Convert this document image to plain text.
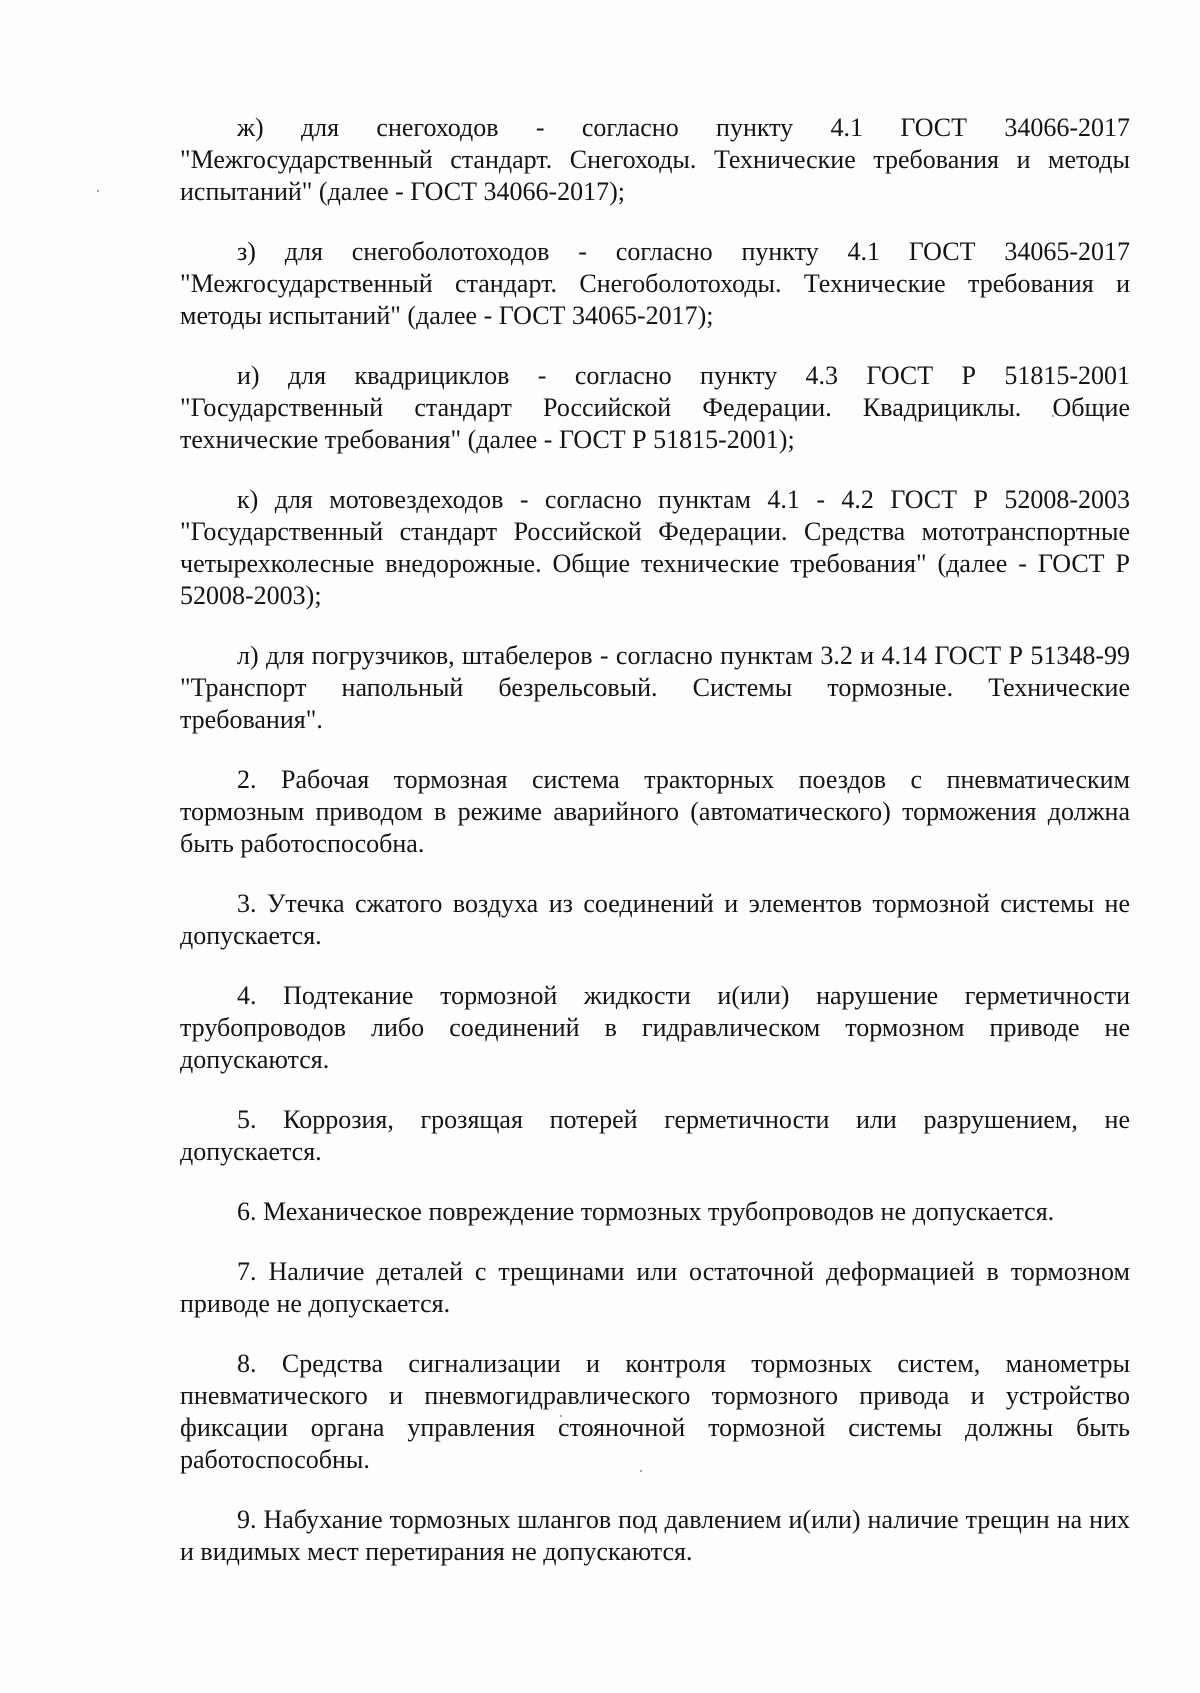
ж) для снегоходов - согласно пункту 4.1 ГОСТ 34066-2017 "Межгосударственный стандарт. Снегоходы. Технические требования и методы испытаний" (далее - ГОСТ 34066-2017);

з) для снегоболотоходов - согласно пункту 4.1 ГОСТ 34065-2017 "Межгосударственный стандарт. Снегоболотоходы. Технические требования и методы испытаний" (далее - ГОСТ 34065-2017);

и) для квадрициклов - согласно пункту 4.3 ГОСТ Р 51815-2001 "Государственный стандарт Российской Федерации. Квадрициклы. Общие технические требования" (далее - ГОСТ Р 51815-2001);

к) для мотовездеходов - согласно пунктам 4.1 - 4.2 ГОСТ Р 52008-2003 "Государственный стандарт Российской Федерации. Средства мототранспортные четырехколесные внедорожные. Общие технические требования" (далее - ГОСТ Р 52008-2003);

л) для погрузчиков, штабелеров - согласно пунктам 3.2 и 4.14 ГОСТ Р 51348-99 "Транспорт напольный безрельсовый. Системы тормозные. Технические требования".

2. Рабочая тормозная система тракторных поездов с пневматическим тормозным приводом в режиме аварийного (автоматического) торможения должна быть работоспособна.

3. Утечка сжатого воздуха из соединений и элементов тормозной системы не допускается.

4. Подтекание тормозной жидкости и(или) нарушение герметичности трубопроводов либо соединений в гидравлическом тормозном приводе не допускаются.

5. Коррозия, грозящая потерей герметичности или разрушением, не допускается.

6. Механическое повреждение тормозных трубопроводов не допускается.

7. Наличие деталей с трещинами или остаточной деформацией в тормозном приводе не допускается.

8. Средства сигнализации и контроля тормозных систем, манометры пневматического и пневмогидравлического тормозного привода и устройство фиксации органа управления стояночной тормозной системы должны быть работоспособны.

9. Набухание тормозных шлангов под давлением и(или) наличие трещин на них и видимых мест перетирания не допускаются.
